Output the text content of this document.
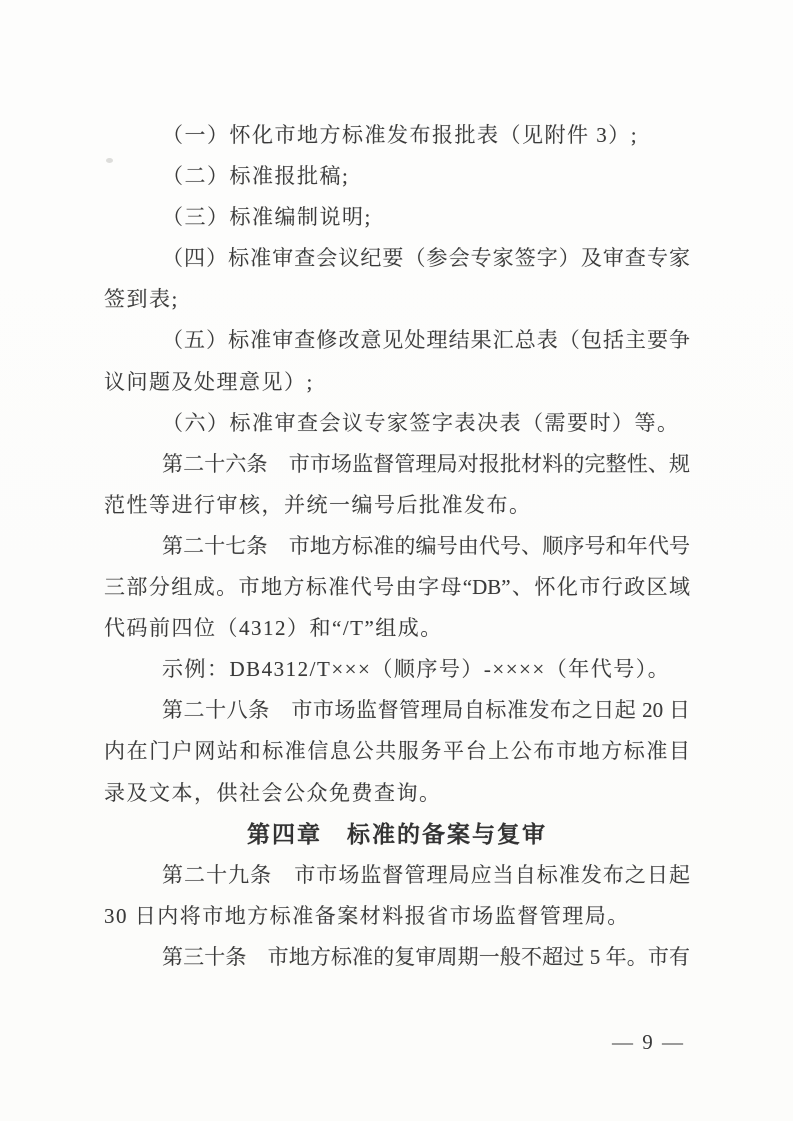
（一）怀化市地方标准发布报批表（见附件 3）;
（二）标准报批稿;
（三）标准编制说明;
（四）标准审查会议纪要（参会专家签字）及审查专家
签到表;
（五）标准审查修改意见处理结果汇总表（包括主要争
议问题及处理意见）;
（六）标准审查会议专家签字表决表（需要时）等。
第二十六条　市市场监督管理局对报批材料的完整性、规
范性等进行审核，并统一编号后批准发布。
第二十七条　市地方标准的编号由代号、顺序号和年代号
三部分组成。市地方标准代号由字母“DB”、怀化市行政区域
代码前四位（4312）和“/T”组成。
示例：DB4312/T×××（顺序号）-××××（年代号）。
第二十八条　市市场监督管理局自标准发布之日起 20 日
内在门户网站和标准信息公共服务平台上公布市地方标准目
录及文本，供社会公众免费查询。
第四章　标准的备案与复审
第二十九条　市市场监督管理局应当自标准发布之日起
30 日内将市地方标准备案材料报省市场监督管理局。
第三十条　市地方标准的复审周期一般不超过 5 年。市有
— 9 —
